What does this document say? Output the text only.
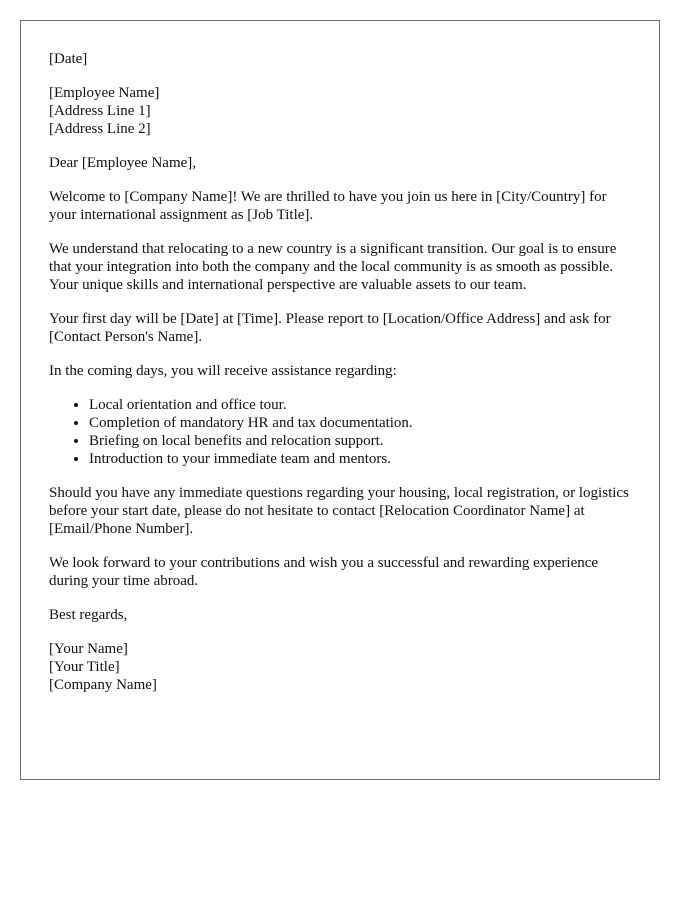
[Date]
[Employee Name]
[Address Line 1]
[Address Line 2]
Dear [Employee Name],

Welcome to [Company Name]! We are thrilled to have you join us here in [City/Country] for your international assignment as [Job Title].

We understand that relocating to a new country is a significant transition. Our goal is to ensure that your integration into both the company and the local community is as smooth as possible. Your unique skills and international perspective are valuable assets to our team.

Your first day will be [Date] at [Time]. Please report to [Location/Office Address] and ask for [Contact Person's Name].

In the coming days, you will receive assistance regarding:

• Local orientation and office tour.
• Completion of mandatory HR and tax documentation.
• Briefing on local benefits and relocation support.
• Introduction to your immediate team and mentors.

Should you have any immediate questions regarding your housing, local registration, or logistics before your start date, please do not hesitate to contact [Relocation Coordinator Name] at [Email/Phone Number].

We look forward to your contributions and wish you a successful and rewarding experience during your time abroad.

Best regards,
[Your Name]
[Your Title]
[Company Name]
